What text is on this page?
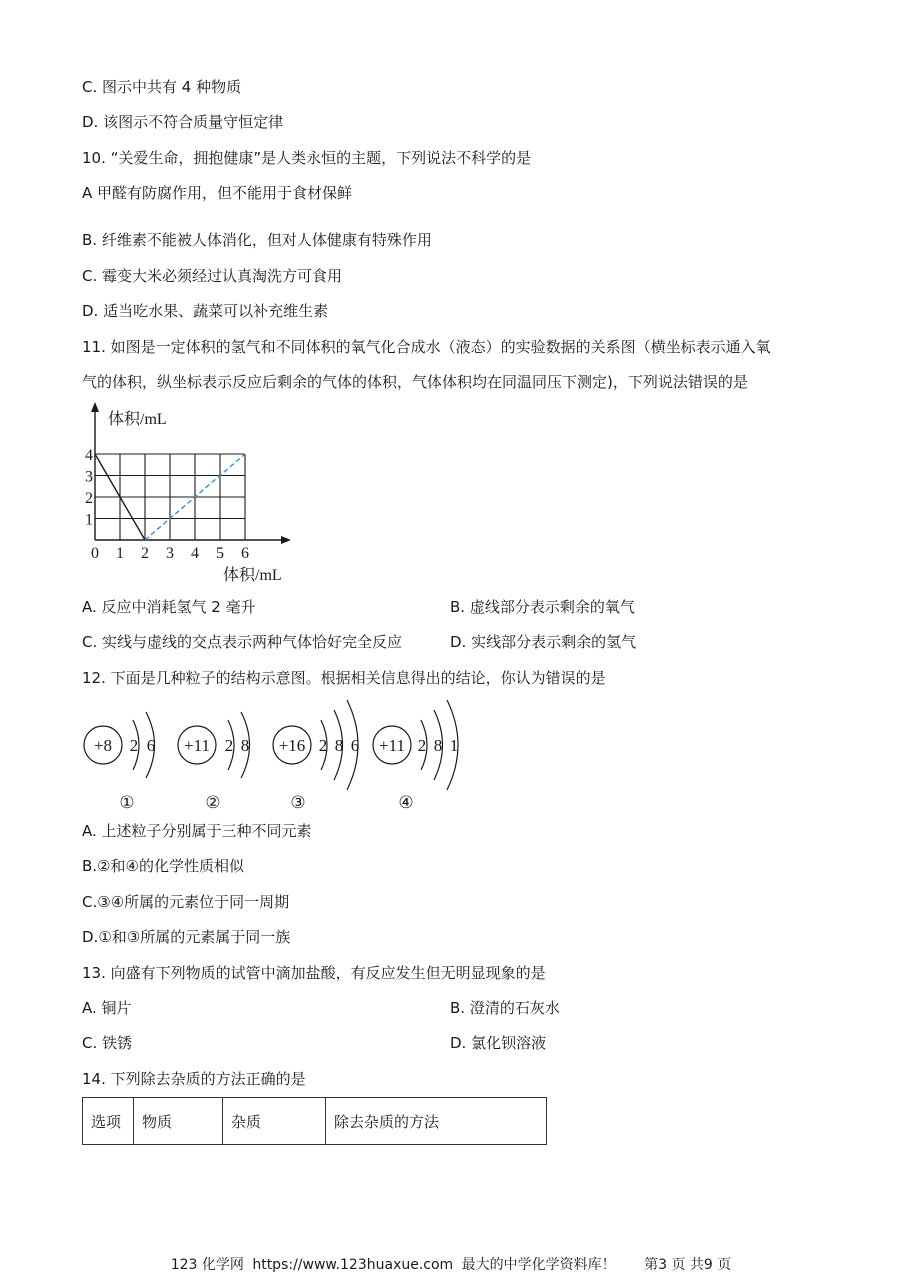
C. 图示中共有 4 种物质
D. 该图示不符合质量守恒定律
10. “关爱生命，拥抱健康”是人类永恒的主题，下列说法不科学的是
A 甲醛有防腐作用，但不能用于食材保鲜
B. 纤维素不能被人体消化，但对人体健康有特殊作用
C. 霉变大米必须经过认真淘洗方可食用
D. 适当吃水果、蔬菜可以补充维生素
11. 如图是一定体积的氢气和不同体积的氧气化合成水（液态）的实验数据的关系图（横坐标表示通入氧
气的体积，纵坐标表示反应后剩余的气体的体积，气体体积均在同温同压下测定)，下列说法错误的是
体积/mL
体积/mL
0 1 2 3 4 5 6
1
2
3
4
A. 反应中消耗氢气 2 毫升	B. 虚线部分表示剩余的氧气
C. 实线与虚线的交点表示两种气体恰好完全反应	D. 实线部分表示剩余的氢气
12. 下面是几种粒子的结构示意图。根据相关信息得出的结论，你认为错误的是
+8 2 6
①
+11 2 8
②
+16 2 8 6
③
+11 2 8 1
④
A. 上述粒子分别属于三种不同元素
B.②和④的化学性质相似
C.③④所属的元素位于同一周期
D.①和③所属的元素属于同一族
13. 向盛有下列物质的试管中滴加盐酸，有反应发生但无明显现象的是
A. 铜片	B. 澄清的石灰水
C. 铁锈	D. 氯化钡溶液
14. 下列除去杂质的方法正确的是
选项	物质	杂质	除去杂质的方法
123 化学网 https://www.123huaxue.com 最大的中学化学资料库！ 第3 页 共9 页
